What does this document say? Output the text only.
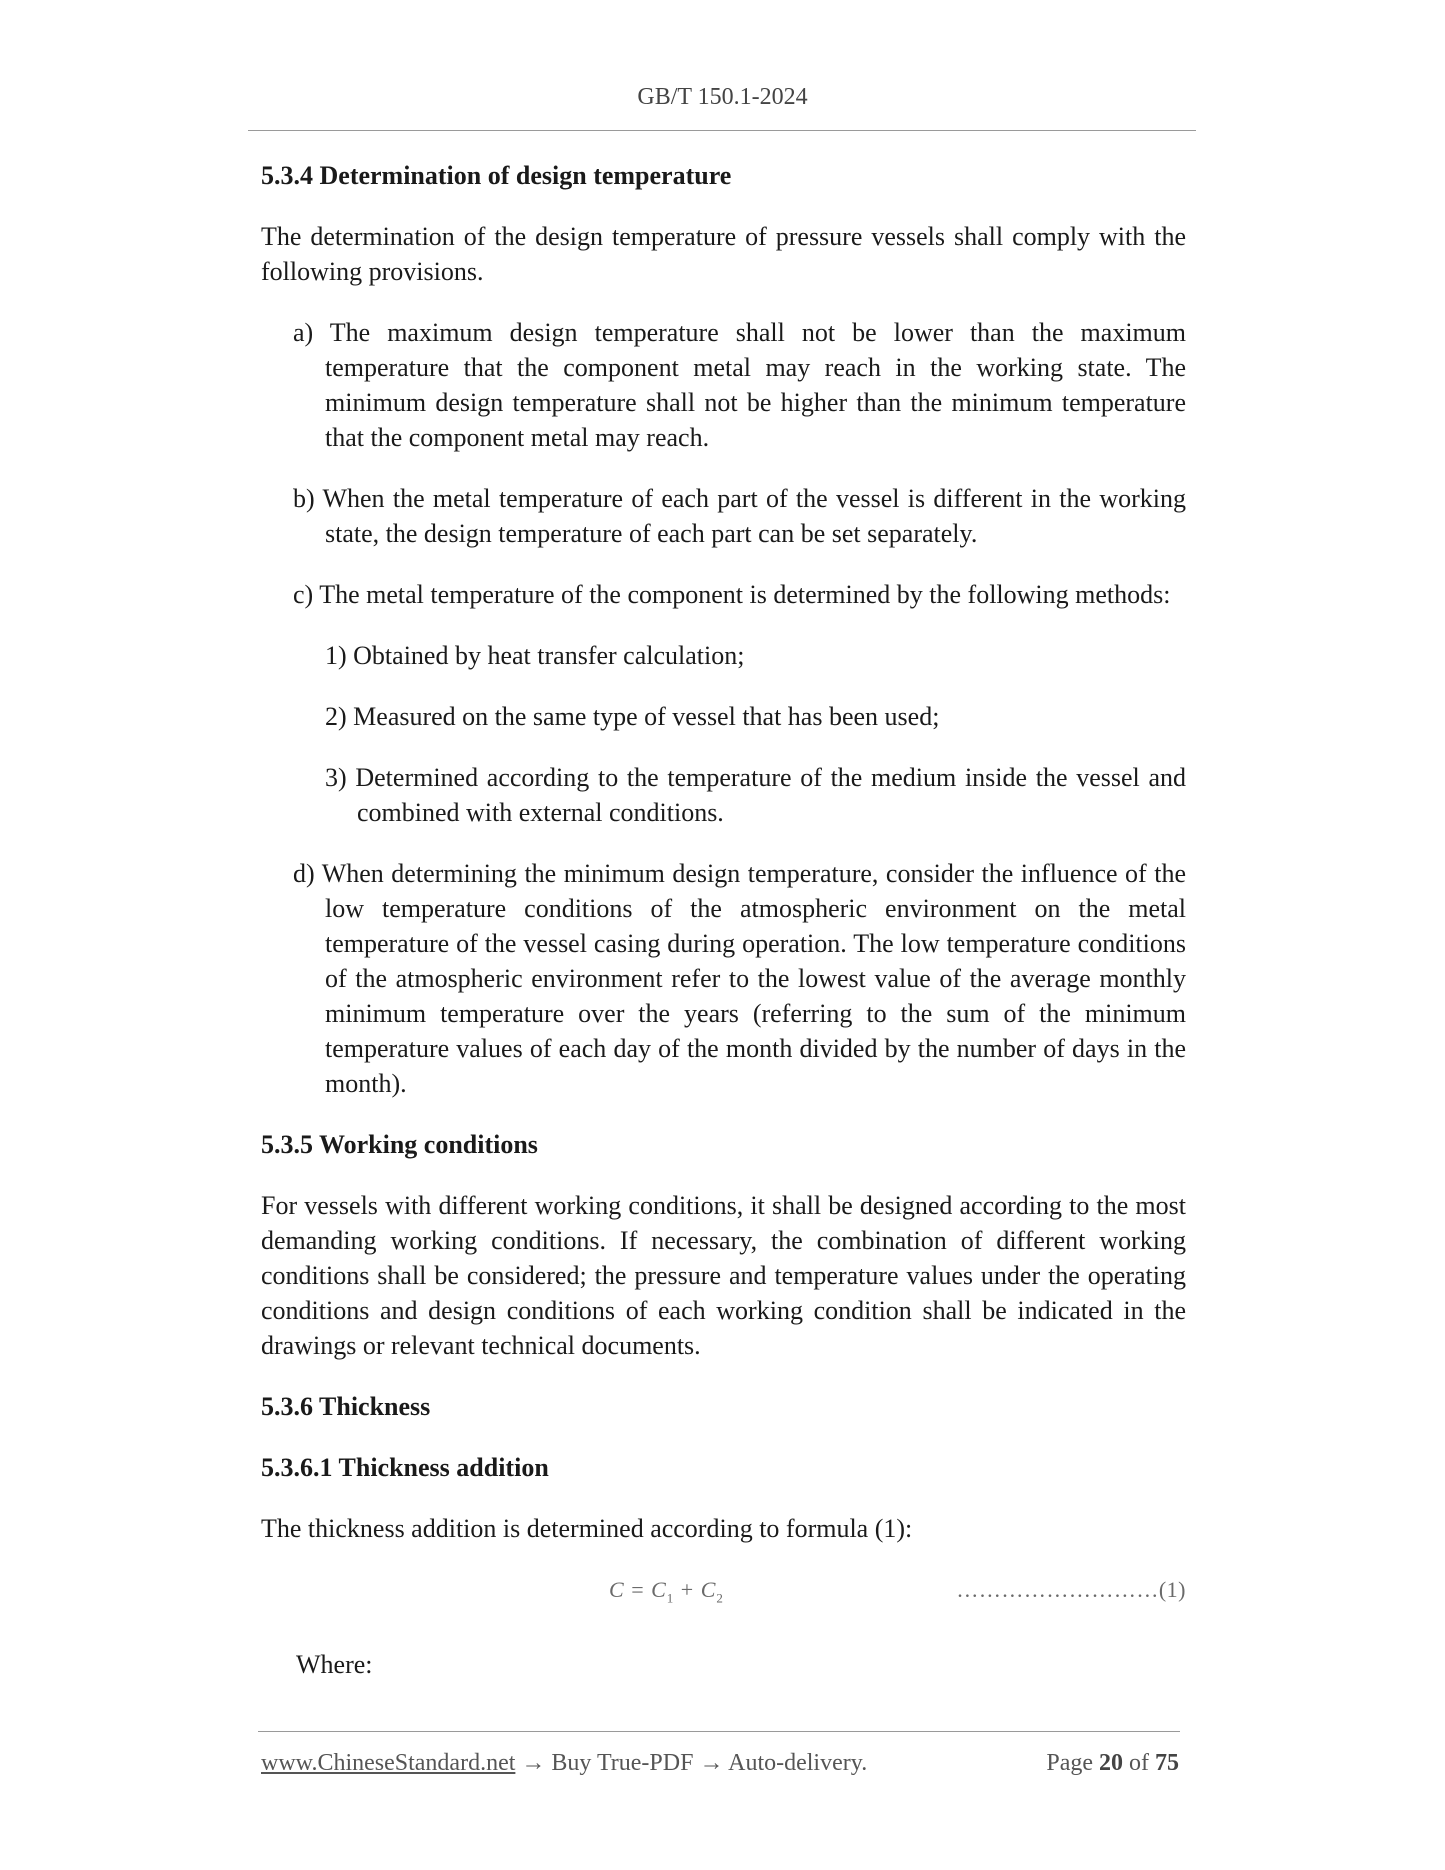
GB/T 150.1-2024

5.3.4 Determination of design temperature

The determination of the design temperature of pressure vessels shall comply with the following provisions.

a) The maximum design temperature shall not be lower than the maximum temperature that the component metal may reach in the working state. The minimum design temperature shall not be higher than the minimum temperature that the component metal may reach.

b) When the metal temperature of each part of the vessel is different in the working state, the design temperature of each part can be set separately.

c) The metal temperature of the component is determined by the following methods:

1) Obtained by heat transfer calculation;

2) Measured on the same type of vessel that has been used;

3) Determined according to the temperature of the medium inside the vessel and combined with external conditions.

d) When determining the minimum design temperature, consider the influence of the low temperature conditions of the atmospheric environment on the metal temperature of the vessel casing during operation. The low temperature conditions of the atmospheric environment refer to the lowest value of the average monthly minimum temperature over the years (referring to the sum of the minimum temperature values of each day of the month divided by the number of days in the month).

5.3.5 Working conditions

For vessels with different working conditions, it shall be designed according to the most demanding working conditions. If necessary, the combination of different working conditions shall be considered; the pressure and temperature values under the operating conditions and design conditions of each working condition shall be indicated in the drawings or relevant technical documents.

5.3.6 Thickness

5.3.6.1 Thickness addition

The thickness addition is determined according to formula (1):

$C = C_1 + C_2$	………………………(1)

Where:

www.ChineseStandard.net → Buy True-PDF → Auto-delivery.	Page 20 of 75
